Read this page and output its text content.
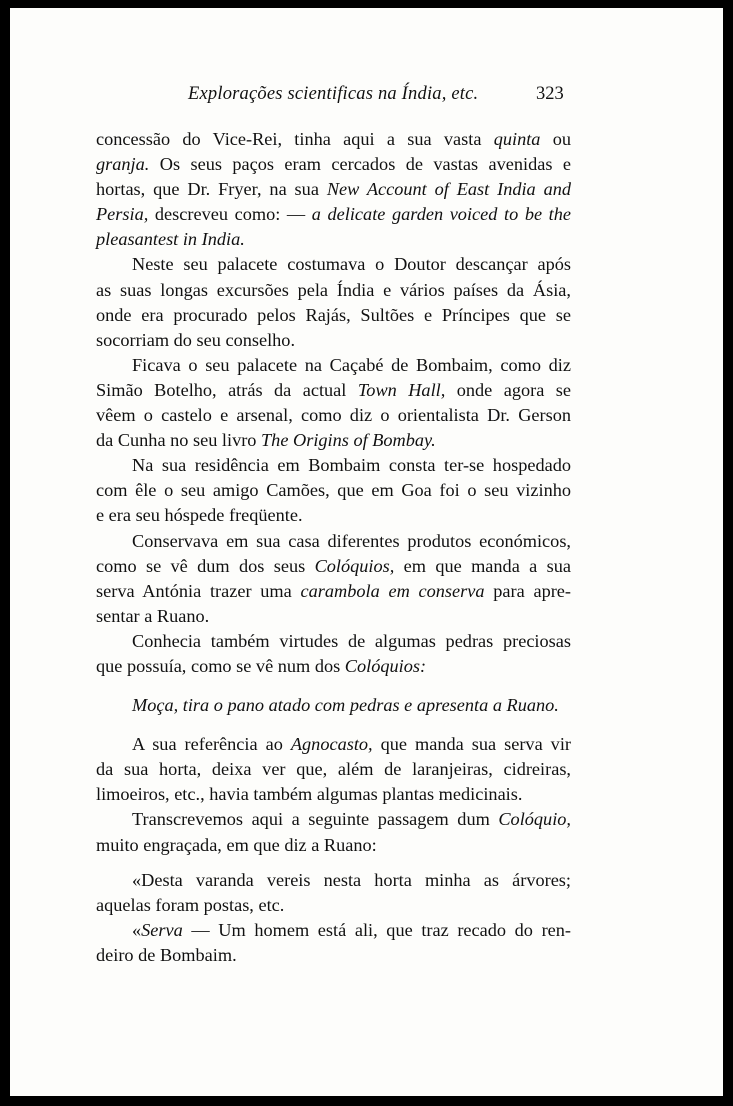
Explorações scientificas na Índia, etc.	323
concessão do Vice-Rei, tinha aqui a sua vasta quinta ou
granja. Os seus paços eram cercados de vastas avenidas e
hortas, que Dr. Fryer, na sua New Account of East India and
Persia, descreveu como: — a delicate garden voiced to be the
pleasantest in India.
Neste seu palacete costumava o Doutor descançar após
as suas longas excursões pela Índia e vários países da Ásia,
onde era procurado pelos Rajás, Sultões e Príncipes que se
socorriam do seu conselho.
Ficava o seu palacete na Caçabé de Bombaim, como diz
Simão Botelho, atrás da actual Town Hall, onde agora se
vêem o castelo e arsenal, como diz o orientalista Dr. Gerson
da Cunha no seu livro The Origins of Bombay.
Na sua residência em Bombaim consta ter-se hospedado
com êle o seu amigo Camões, que em Goa foi o seu vizinho
e era seu hóspede freqüente.
Conservava em sua casa diferentes produtos económicos,
como se vê dum dos seus Colóquios, em que manda a sua
serva Antónia trazer uma carambola em conserva para apre-
sentar a Ruano.
Conhecia também virtudes de algumas pedras preciosas
que possuía, como se vê num dos Colóquios:
Moça, tira o pano atado com pedras e apresenta a Ruano.
A sua referência ao Agnocasto, que manda sua serva vir
da sua horta, deixa ver que, além de laranjeiras, cidreiras,
limoeiros, etc., havia também algumas plantas medicinais.
Transcrevemos aqui a seguinte passagem dum Colóquio,
muito engraçada, em que diz a Ruano:
«Desta varanda vereis nesta horta minha as árvores;
aquelas foram postas, etc.
«Serva — Um homem está ali, que traz recado do ren-
deiro de Bombaim.
